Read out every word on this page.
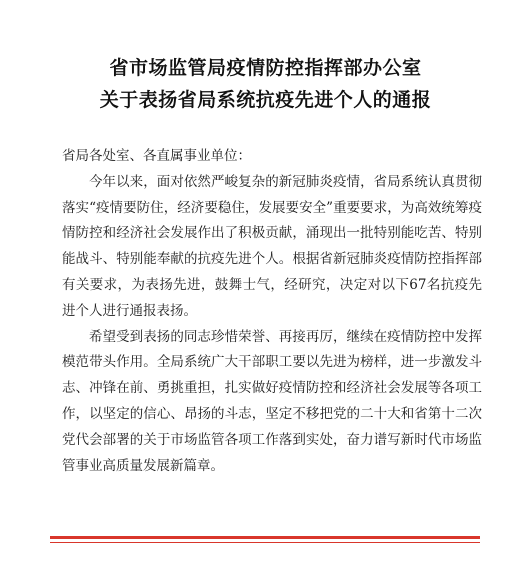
省市场监管局疫情防控指挥部办公室
关于表扬省局系统抗疫先进个人的通报

省局各处室、各直属事业单位：

今年以来，面对依然严峻复杂的新冠肺炎疫情，省局系统认真贯彻落实“疫情要防住，经济要稳住，发展要安全”重要要求，为高效统筹疫情防控和经济社会发展作出了积极贡献，涌现出一批特别能吃苦、特别能战斗、特别能奉献的抗疫先进个人。根据省新冠肺炎疫情防控指挥部有关要求，为表扬先进，鼓舞士气，经研究，决定对以下67名抗疫先进个人进行通报表扬。

希望受到表扬的同志珍惜荣誉、再接再厉，继续在疫情防控中发挥模范带头作用。全局系统广大干部职工要以先进为榜样，进一步激发斗志、冲锋在前、勇挑重担，扎实做好疫情防控和经济社会发展等各项工作，以坚定的信心、昂扬的斗志，坚定不移把党的二十大和省第十二次党代会部署的关于市场监管各项工作落到实处，奋力谱写新时代市场监管事业高质量发展新篇章。
